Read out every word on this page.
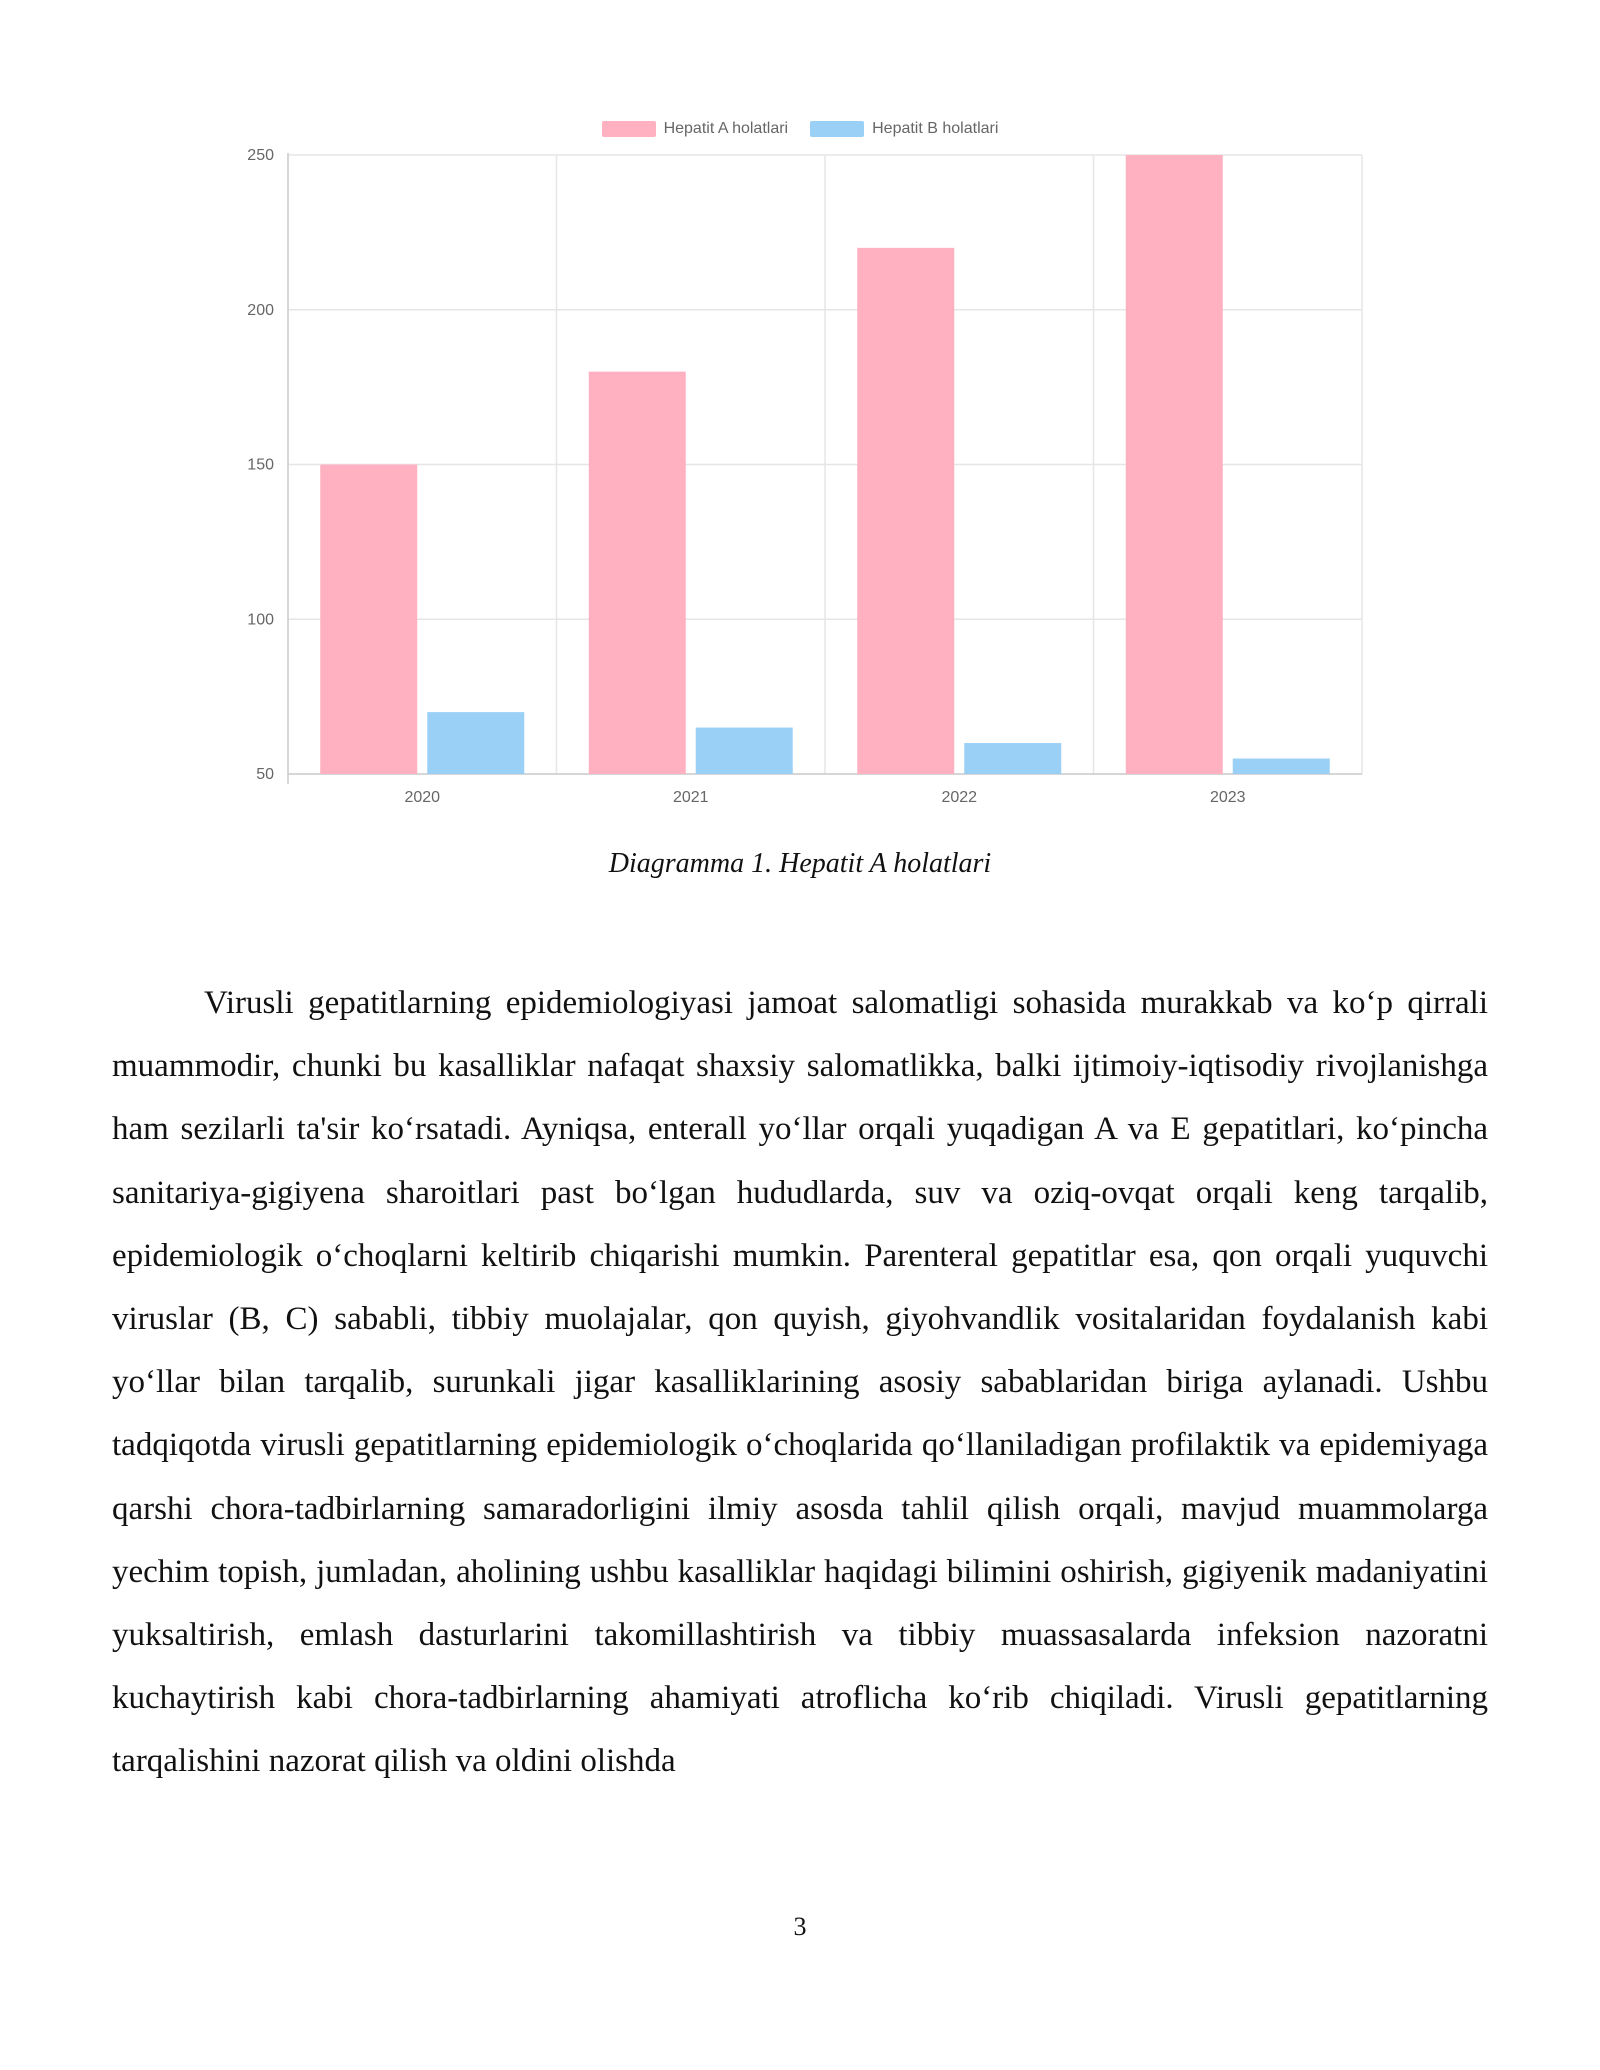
Hepatit A holatlari	Hepatit B holatlari
50
100
150
200
250
2020	2021	2022	2023
Diagramma 1. Hepatit A holatlari

Virusli gepatitlarning epidemiologiyasi jamoat salomatligi sohasida murakkab va ko‘p qirrali muammodir, chunki bu kasalliklar nafaqat shaxsiy salomatlikka, balki ijtimoiy-iqtisodiy rivojlanishga ham sezilarli ta'sir ko‘rsatadi. Ayniqsa, enterall yo‘llar orqali yuqadigan A va E gepatitlari, ko‘pincha sanitariya-gigiyena sharoitlari past bo‘lgan hududlarda, suv va oziq-ovqat orqali keng tarqalib, epidemiologik o‘choqlarni keltirib chiqarishi mumkin. Parenteral gepatitlar esa, qon orqali yuquvchi viruslar (B, C) sababli, tibbiy muolajalar, qon quyish, giyohvandlik vositalaridan foydalanish kabi yo‘llar bilan tarqalib, surunkali jigar kasalliklarining asosiy sabablaridan biriga aylanadi. Ushbu tadqiqotda virusli gepatitlarning epidemiologik o‘choqlarida qo‘llaniladigan profilaktik va epidemiyaga qarshi chora-tadbirlarning samaradorligini ilmiy asosda tahlil qilish orqali, mavjud muammolarga yechim topish, jumladan, aholining ushbu kasalliklar haqidagi bilimini oshirish, gigiyenik madaniyatini yuksaltirish, emlash dasturlarini takomillashtirish va tibbiy muassasalarda infeksion nazoratni kuchaytirish kabi chora-tadbirlarning ahamiyati atroflicha ko‘rib chiqiladi. Virusli gepatitlarning tarqalishini nazorat qilish va oldini olishda

3
